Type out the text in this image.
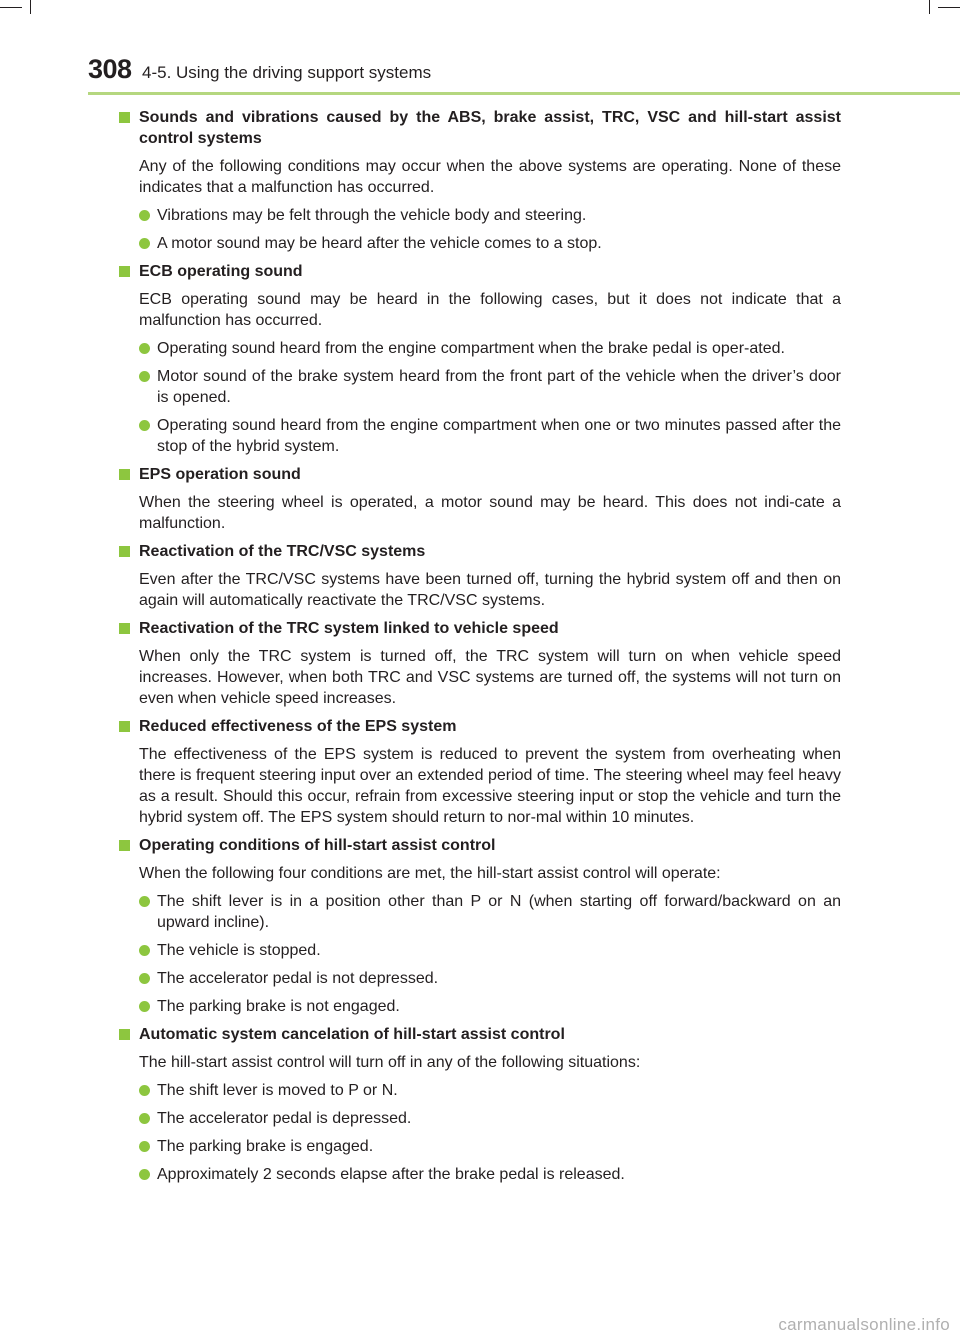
308 4-5. Using the driving support systems
Sounds and vibrations caused by the ABS, brake assist, TRC, VSC and hill-start assist control systems
Any of the following conditions may occur when the above systems are operating. None of these indicates that a malfunction has occurred.
Vibrations may be felt through the vehicle body and steering.
A motor sound may be heard after the vehicle comes to a stop.
ECB operating sound
ECB operating sound may be heard in the following cases, but it does not indicate that a malfunction has occurred.
Operating sound heard from the engine compartment when the brake pedal is oper-ated.
Motor sound of the brake system heard from the front part of the vehicle when the driver’s door is opened.
Operating sound heard from the engine compartment when one or two minutes passed after the stop of the hybrid system.
EPS operation sound
When the steering wheel is operated, a motor sound may be heard. This does not indi-cate a malfunction.
Reactivation of the TRC/VSC systems
Even after the TRC/VSC systems have been turned off, turning the hybrid system off and then on again will automatically reactivate the TRC/VSC systems.
Reactivation of the TRC system linked to vehicle speed
When only the TRC system is turned off, the TRC system will turn on when vehicle speed increases. However, when both TRC and VSC systems are turned off, the systems will not turn on even when vehicle speed increases.
Reduced effectiveness of the EPS system
The effectiveness of the EPS system is reduced to prevent the system from overheating when there is frequent steering input over an extended period of time. The steering wheel may feel heavy as a result. Should this occur, refrain from excessive steering input or stop the vehicle and turn the hybrid system off. The EPS system should return to nor-mal within 10 minutes.
Operating conditions of hill-start assist control
When the following four conditions are met, the hill-start assist control will operate:
The shift lever is in a position other than P or N (when starting off forward/backward on an upward incline).
The vehicle is stopped.
The accelerator pedal is not depressed.
The parking brake is not engaged.
Automatic system cancelation of hill-start assist control
The hill-start assist control will turn off in any of the following situations:
The shift lever is moved to P or N.
The accelerator pedal is depressed.
The parking brake is engaged.
Approximately 2 seconds elapse after the brake pedal is released.
carmanualsonline.info
